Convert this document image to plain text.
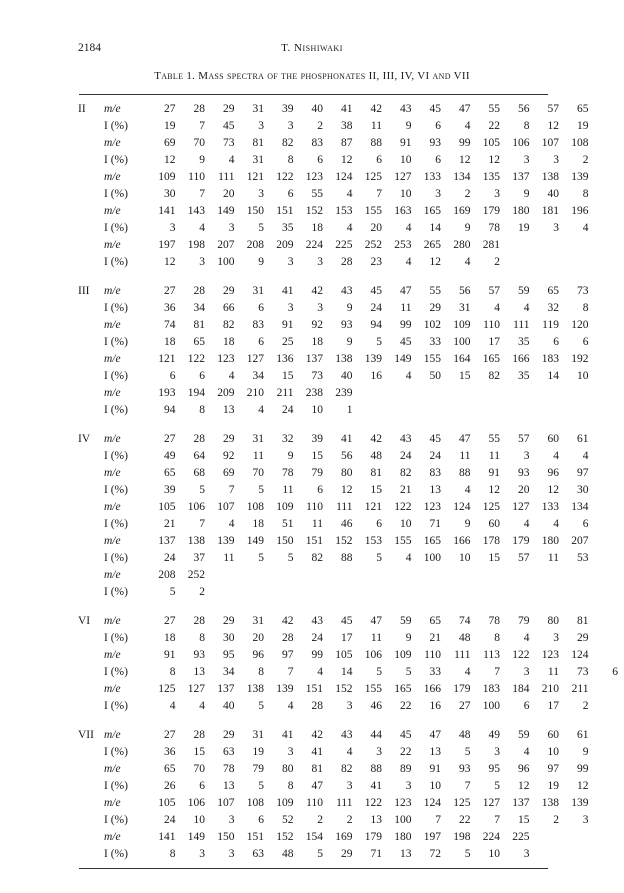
2184	T. Nishiwaki
Table 1. Mass spectra of the phosphonates II, III, IV, VI and VII
II	m/e	27	28	29	31	39	40	41	42	43	45	47	55	56	57	65
I (%)	19	7	45	3	3	2	38	11	9	6	4	22	8	12	19
m/e	69	70	73	81	82	83	87	88	91	93	99	105	106	107	108
I (%)	12	9	4	31	8	6	12	6	10	6	12	12	3	3	2
m/e	109	110	111	121	122	123	124	125	127	133	134	135	137	138	139
I (%)	30	7	20	3	6	55	4	7	10	3	2	3	9	40	8
m/e	141	143	149	150	151	152	153	155	163	165	169	179	180	181	196
I (%)	3	4	3	5	35	18	4	20	4	14	9	78	19	3	4
m/e	197	198	207	208	209	224	225	252	253	265	280	281
I (%)	12	3	100	9	3	3	28	23	4	12	4	2
III	m/e	27	28	29	31	41	42	43	45	47	55	56	57	59	65	73
I (%)	36	34	66	6	3	3	9	24	11	29	31	4	4	32	8
m/e	74	81	82	83	91	92	93	94	99	102	109	110	111	119	120
I (%)	18	65	18	6	25	18	9	5	45	33	100	17	35	6	6
m/e	121	122	123	127	136	137	138	139	149	155	164	165	166	183	192
I (%)	6	6	4	34	15	73	40	16	4	50	15	82	35	14	10
m/e	193	194	209	210	211	238	239
I (%)	94	8	13	4	24	10	1
IV	m/e	27	28	29	31	32	39	41	42	43	45	47	55	57	60	61
I (%)	49	64	92	11	9	15	56	48	24	24	11	11	3	4	4
m/e	65	68	69	70	78	79	80	81	82	83	88	91	93	96	97
I (%)	39	5	7	5	11	6	12	15	21	13	4	12	20	12	30
m/e	105	106	107	108	109	110	111	121	122	123	124	125	127	133	134
I (%)	21	7	4	18	51	11	46	6	10	71	9	60	4	4	6
m/e	137	138	139	149	150	151	152	153	155	165	166	178	179	180	207
I (%)	24	37	11	5	5	82	88	5	4	100	10	15	57	11	53
m/e	208	252
I (%)	5	2
VI	m/e	27	28	29	31	42	43	45	47	59	65	74	78	79	80	81
I (%)	18	8	30	20	28	24	17	11	9	21	48	8	4	3	29
m/e	91	93	95	96	97	99	105	106	109	110	111	113	122	123	124
I (%)	8	13	34	8	7	4	14	5	5	33	4	7	3	11	73	6
m/e	125	127	137	138	139	151	152	155	165	166	179	183	184	210	211
I (%)	4	4	40	5	4	28	3	46	22	16	27	100	6	17	2
VII m/e	27	28	29	31	41	42	43	44	45	47	48	49	59	60	61
I (%)	36	15	63	19	3	41	4	3	22	13	5	3	4	10	9
m/e	65	70	78	79	80	81	82	88	89	91	93	95	96	97	99
I (%)	26	6	13	5	8	47	3	41	3	10	7	5	12	19	12
m/e	105	106	107	108	109	110	111	122	123	124	125	127	137	138	139
I (%)	24	10	3	6	52	2	2	13	100	7	22	7	15	2	3
m/e	141	149	150	151	152	154	169	179	180	197	198	224	225
I (%)	8	3	3	63	48	5	29	71	13	72	5	10	3
